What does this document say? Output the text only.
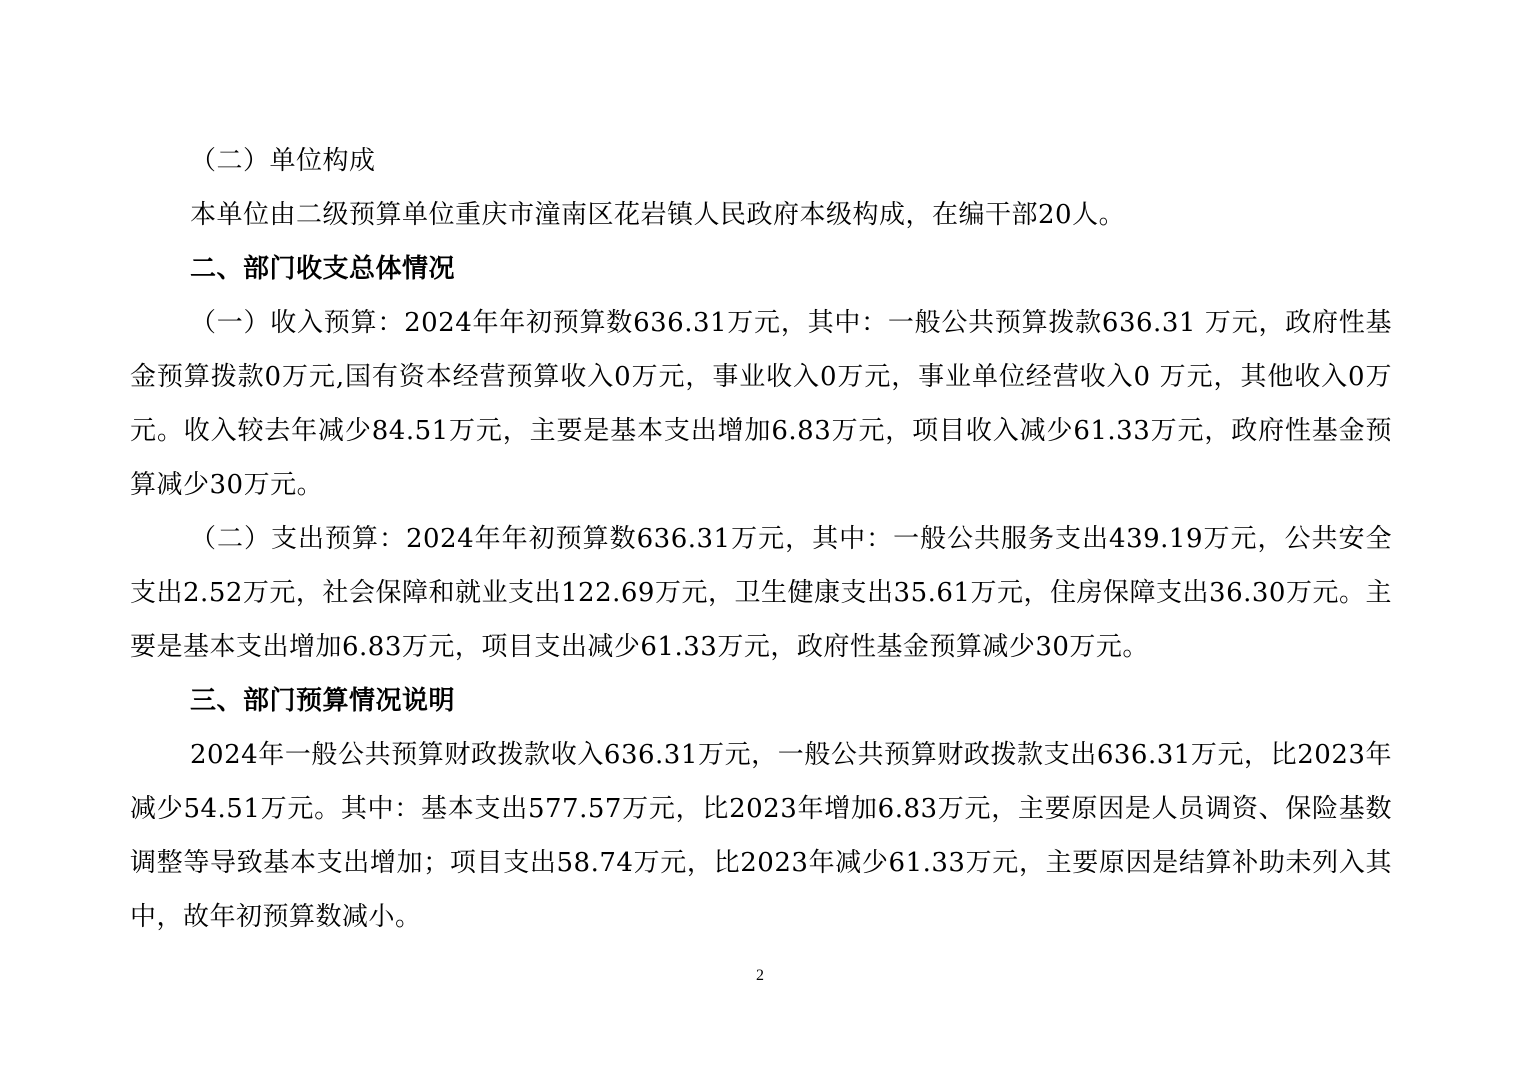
（二）单位构成

本单位由二级预算单位重庆市潼南区花岩镇人民政府本级构成，在编干部20人。

二、部门收支总体情况

（一）收入预算：2024年年初预算数636.31万元，其中：一般公共预算拨款636.31 万元，政府性基金预算拨款0万元,国有资本经营预算收入0万元，事业收入0万元，事业单位经营收入0 万元，其他收入0万元。收入较去年减少84.51万元，主要是基本支出增加6.83万元，项目收入减少61.33万元，政府性基金预算减少30万元。

（二）支出预算：2024年年初预算数636.31万元，其中：一般公共服务支出439.19万元，公共安全支出2.52万元，社会保障和就业支出122.69万元，卫生健康支出35.61万元，住房保障支出36.30万元。主要是基本支出增加6.83万元，项目支出减少61.33万元，政府性基金预算减少30万元。

三、部门预算情况说明

2024年一般公共预算财政拨款收入636.31万元，一般公共预算财政拨款支出636.31万元，比2023年减少54.51万元。其中：基本支出577.57万元，比2023年增加6.83万元，主要原因是人员调资、保险基数调整等导致基本支出增加；项目支出58.74万元，比2023年减少61.33万元，主要原因是结算补助未列入其中，故年初预算数减小。

2
